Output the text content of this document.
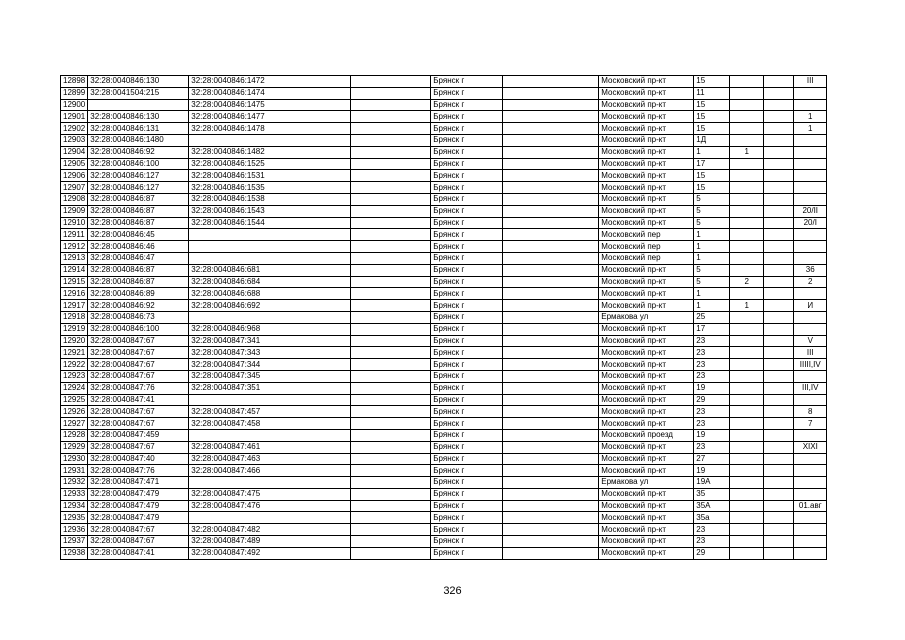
12898	32:28:0040846:130	32:28:0040846:1472		Брянск г		Московский пр-кт	15			III
12899	32:28:0041504:215	32:28:0040846:1474		Брянск г		Московский пр-кт	11			
12900		32:28:0040846:1475		Брянск г		Московский пр-кт	15			
12901	32:28:0040846:130	32:28:0040846:1477		Брянск г		Московский пр-кт	15			1
12902	32:28:0040846:131	32:28:0040846:1478		Брянск г		Московский пр-кт	15			1
12903	32:28:0040846:1480			Брянск г		Московский пр-кт	1Д			
12904	32:28:0040846:92	32:28:0040846:1482		Брянск г		Московский пр-кт	1	1		
12905	32:28:0040846:100	32:28:0040846:1525		Брянск г		Московский пр-кт	17			
12906	32:28:0040846:127	32:28:0040846:1531		Брянск г		Московский пр-кт	15			
12907	32:28:0040846:127	32:28:0040846:1535		Брянск г		Московский пр-кт	15			
12908	32:28:0040846:87	32:28:0040846:1538		Брянск г		Московский пр-кт	5			
12909	32:28:0040846:87	32:28:0040846:1543		Брянск г		Московский пр-кт	5			20/II
12910	32:28:0040846:87	32:28:0040846:1544		Брянск г		Московский пр-кт	5			20/I
12911	32:28:0040846:45			Брянск г		Московский пер	1			
12912	32:28:0040846:46			Брянск г		Московский пер	1			
12913	32:28:0040846:47			Брянск г		Московский пер	1			
12914	32:28:0040846:87	32:28:0040846:681		Брянск г		Московский пр-кт	5			36
12915	32:28:0040846:87	32:28:0040846:684		Брянск г		Московский пр-кт	5	2		2
12916	32:28:0040846:89	32:28:0040846:688		Брянск г		Московский пр-кт	1			
12917	32:28:0040846:92	32:28:0040846:692		Брянск г		Московский пр-кт	1	1		И
12918	32:28:0040846:73			Брянск г		Ермакова ул	25			
12919	32:28:0040846:100	32:28:0040846:968		Брянск г		Московский пр-кт	17			
12920	32:28:0040847:67	32:28:0040847:341		Брянск г		Московский пр-кт	23			V
12921	32:28:0040847:67	32:28:0040847:343		Брянск г		Московский пр-кт	23			III
12922	32:28:0040847:67	32:28:0040847:344		Брянск г		Московский пр-кт	23			IIIII,IV
12923	32:28:0040847:67	32:28:0040847:345		Брянск г		Московский пр-кт	23			
12924	32:28:0040847:76	32:28:0040847:351		Брянск г		Московский пр-кт	19			III,IV
12925	32:28:0040847:41			Брянск г		Московский пр-кт	29			
12926	32:28:0040847:67	32:28:0040847:457		Брянск г		Московский пр-кт	23			8
12927	32:28:0040847:67	32:28:0040847:458		Брянск г		Московский пр-кт	23			7
12928	32:28:0040847:459			Брянск г		Московский проезд	19			
12929	32:28:0040847:67	32:28:0040847:461		Брянск г		Московский пр-кт	23			XIXI
12930	32:28:0040847:40	32:28:0040847:463		Брянск г		Московский пр-кт	27			
12931	32:28:0040847:76	32:28:0040847:466		Брянск г		Московский пр-кт	19			
12932	32:28:0040847:471			Брянск г		Ермакова ул	19А			
12933	32:28:0040847:479	32:28:0040847:475		Брянск г		Московский пр-кт	35			
12934	32:28:0040847:479	32:28:0040847:476		Брянск г		Московский пр-кт	35А			01.авг
12935	32:28:0040847:479			Брянск г		Московский пр-кт	35а			
12936	32:28:0040847:67	32:28:0040847:482		Брянск г		Московский пр-кт	23			
12937	32:28:0040847:67	32:28:0040847:489		Брянск г		Московский пр-кт	23			
12938	32:28:0040847:41	32:28:0040847:492		Брянск г		Московский пр-кт	29			
326
